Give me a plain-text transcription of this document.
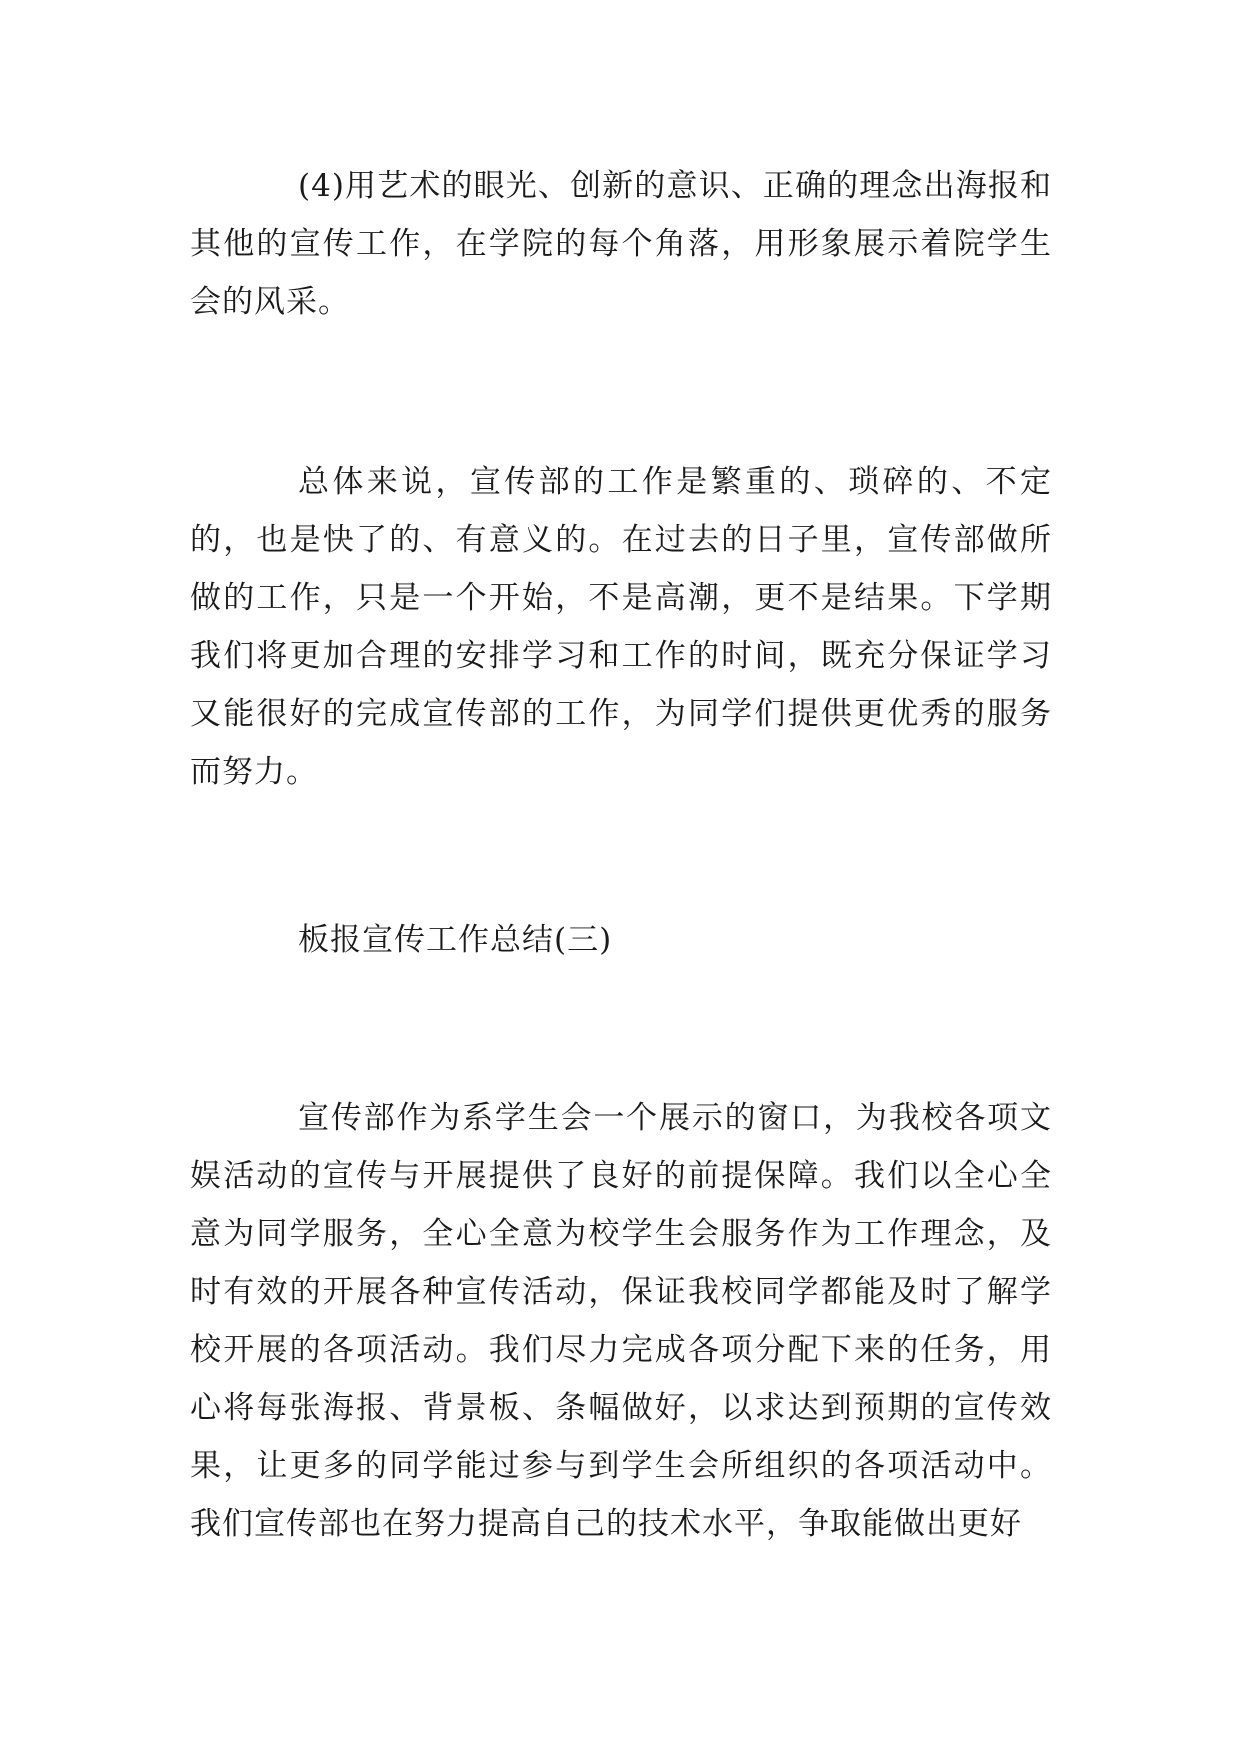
(4)用艺术的眼光、创新的意识、正确的理念出海报和其他的宣传工作，在学院的每个角落，用形象展示着院学生会的风采。

总体来说，宣传部的工作是繁重的、琐碎的、不定的，也是快了的、有意义的。在过去的日子里，宣传部做所做的工作，只是一个开始，不是高潮，更不是结果。下学期我们将更加合理的安排学习和工作的时间，既充分保证学习又能很好的完成宣传部的工作，为同学们提供更优秀的服务而努力。

板报宣传工作总结(三)

宣传部作为系学生会一个展示的窗口，为我校各项文娱活动的宣传与开展提供了良好的前提保障。我们以全心全意为同学服务，全心全意为校学生会服务作为工作理念，及时有效的开展各种宣传活动，保证我校同学都能及时了解学校开展的各项活动。我们尽力完成各项分配下来的任务，用心将每张海报、背景板、条幅做好，以求达到预期的宣传效果，让更多的同学能过参与到学生会所组织的各项活动中。我们宣传部也在努力提高自己的技术水平，争取能做出更好
